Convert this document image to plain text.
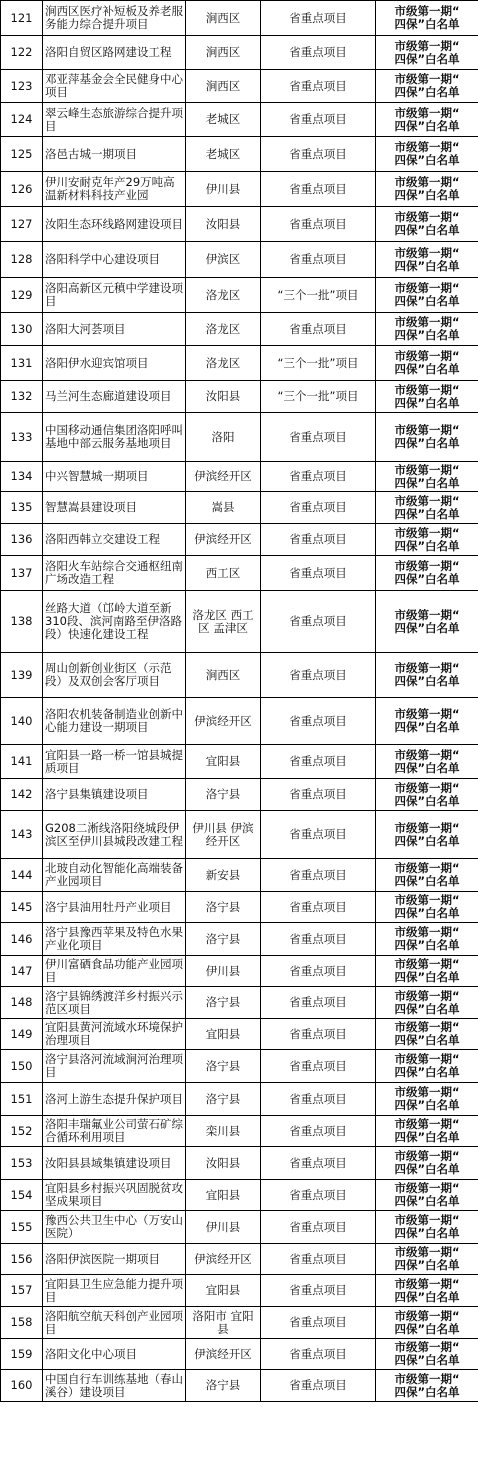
121	涧西区医疗补短板及养老服务能力综合提升项目	涧西区	省重点项目	市级第一期“
四保”白名单

122	洛阳自贸区路网建设工程	涧西区	省重点项目	市级第一期“
四保”白名单

123	邓亚萍基金会全民健身中心项目	涧西区	省重点项目	市级第一期“
四保”白名单

124	翠云峰生态旅游综合提升项目	老城区	省重点项目	市级第一期“
四保”白名单

125	洛邑古城一期项目	老城区	省重点项目	市级第一期“
四保”白名单

126	伊川安耐克年产29万吨高温新材料科技产业园	伊川县	省重点项目	市级第一期“
四保”白名单

127	汝阳生态环线路网建设项目	汝阳县	省重点项目	市级第一期“
四保”白名单

128	洛阳科学中心建设项目	伊滨区	省重点项目	市级第一期“
四保”白名单

129	洛阳高新区元稹中学建设项目	洛龙区	“三个一批”项目	市级第一期“
四保”白名单

130	洛阳大河荟项目	洛龙区	省重点项目	市级第一期“
四保”白名单

131	洛阳伊水迎宾馆项目	洛龙区	“三个一批”项目	市级第一期“
四保”白名单

132	马兰河生态廊道建设项目	汝阳县	“三个一批”项目	市级第一期“
四保”白名单

133	中国移动通信集团洛阳呼叫基地中部云服务基地项目	洛阳	省重点项目	市级第一期“
四保”白名单

134	中兴智慧城一期项目	伊滨经开区	省重点项目	市级第一期“
四保”白名单

135	智慧嵩县建设项目	嵩县	省重点项目	市级第一期“
四保”白名单

136	洛阳西韩立交建设工程	伊滨经开区	省重点项目	市级第一期“
四保”白名单

137	洛阳火车站综合交通枢纽南广场改造工程	西工区	省重点项目	市级第一期“
四保”白名单

138	丝路大道（邙岭大道至新310段、滨河南路至伊洛路段）快速化建设工程	洛龙区 西工区 孟津区	省重点项目	市级第一期“
四保”白名单

139	周山创新创业街区（示范段）及双创会客厅项目	涧西区	省重点项目	市级第一期“
四保”白名单

140	洛阳农机装备制造业创新中心能力建设一期项目	伊滨经开区	省重点项目	市级第一期“
四保”白名单

141	宜阳县一路一桥一馆县城提质项目	宜阳县	省重点项目	市级第一期“
四保”白名单

142	洛宁县集镇建设项目	洛宁县	省重点项目	市级第一期“
四保”白名单

143	G208二淅线洛阳绕城段伊滨区至伊川县城段改建工程	伊川县 伊滨经开区	省重点项目	市级第一期“
四保”白名单

144	北玻自动化智能化高端装备产业园项目	新安县	省重点项目	市级第一期“
四保”白名单

145	洛宁县油用牡丹产业项目	洛宁县	省重点项目	市级第一期“
四保”白名单

146	洛宁县豫西苹果及特色水果产业化项目	洛宁县	省重点项目	市级第一期“
四保”白名单

147	伊川富硒食品功能产业园项目	伊川县	省重点项目	市级第一期“
四保”白名单

148	洛宁县锦绣渡洋乡村振兴示范区项目	洛宁县	省重点项目	市级第一期“
四保”白名单

149	宜阳县黄河流域水环境保护治理项目	宜阳县	省重点项目	市级第一期“
四保”白名单

150	洛宁县洛河流域涧河治理项目	洛宁县	省重点项目	市级第一期“
四保”白名单

151	洛河上游生态提升保护项目	洛宁县	省重点项目	市级第一期“
四保”白名单

152	洛阳丰瑞氟业公司萤石矿综合循环利用项目	栾川县	省重点项目	市级第一期“
四保”白名单

153	汝阳县县域集镇建设项目	汝阳县	省重点项目	市级第一期“
四保”白名单

154	宜阳县乡村振兴巩固脱贫攻坚成果项目	宜阳县	省重点项目	市级第一期“
四保”白名单

155	豫西公共卫生中心（万安山医院）	伊川县	省重点项目	市级第一期“
四保”白名单

156	洛阳伊滨医院一期项目	伊滨经开区	省重点项目	市级第一期“
四保”白名单

157	宜阳县卫生应急能力提升项目	宜阳县	省重点项目	市级第一期“
四保”白名单

158	洛阳航空航天科创产业园项目	洛阳市 宜阳县	省重点项目	市级第一期“
四保”白名单

159	洛阳文化中心项目	伊滨经开区	省重点项目	市级第一期“
四保”白名单

160	中国自行车训练基地（春山溪谷）建设项目	洛宁县	省重点项目	市级第一期“
四保”白名单
